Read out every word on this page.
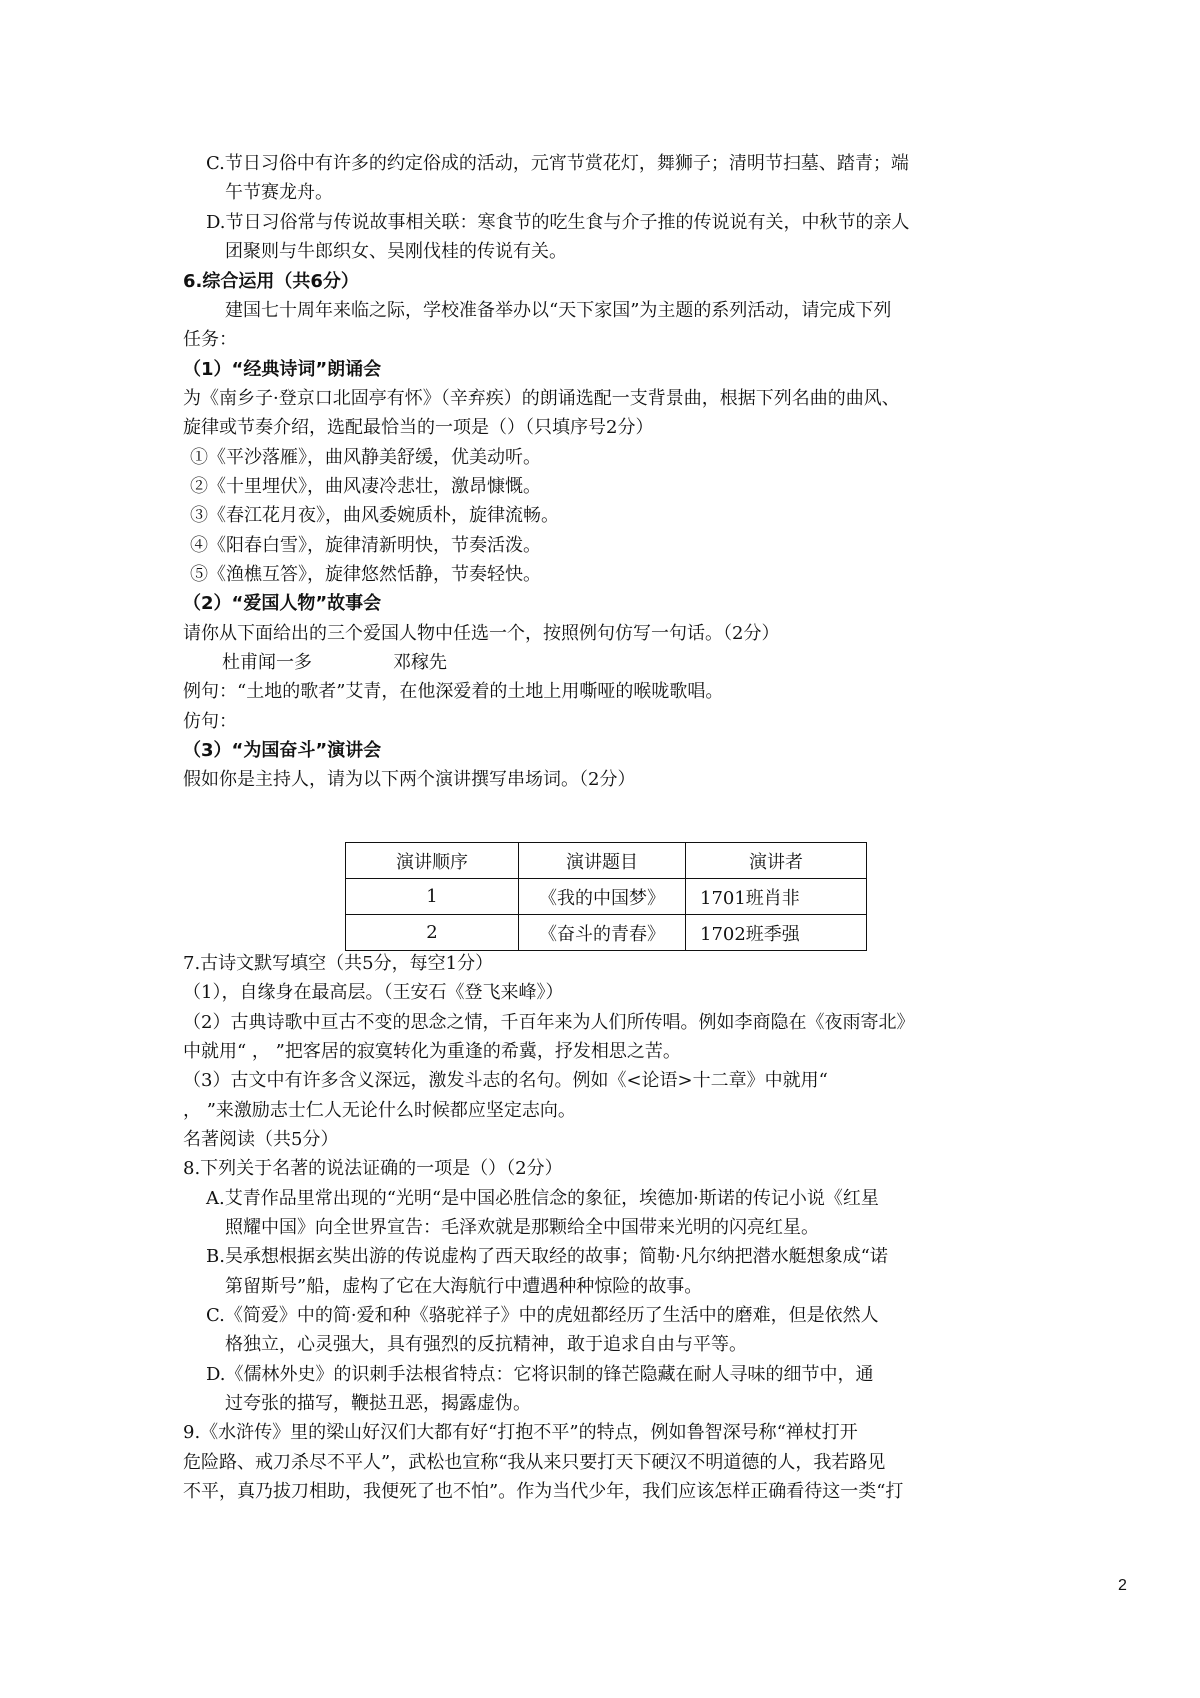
C.节日习俗中有许多的约定俗成的活动，元宵节赏花灯，舞狮子；清明节扫墓、踏青；端
午节赛龙舟。
D.节日习俗常与传说故事相关联：寒食节的吃生食与介子推的传说说有关，中秋节的亲人
团聚则与牛郎织女、吴刚伐桂的传说有关。
6.综合运用（共6分）
建国七十周年来临之际，学校准备举办以“天下家国”为主题的系列活动，请完成下列
任务：
（1）“经典诗词”朗诵会
为《南乡子·登京口北固亭有怀》（辛弃疾）的朗诵选配一支背景曲，根据下列名曲的曲风、
旋律或节奏介绍，选配最恰当的一项是（）（只填序号2分）
①《平沙落雁》，曲风静美舒缓，优美动听。
②《十里埋伏》，曲风凄冷悲壮，激昂慷慨。
③《春江花月夜》，曲风委婉质朴，旋律流畅。
④《阳春白雪》，旋律清新明快，节奏活泼。
⑤《渔樵互答》，旋律悠然恬静，节奏轻快。
（2）“爱国人物”故事会
请你从下面给出的三个爱国人物中任选一个，按照例句仿写一句话。（2分）
杜甫闻一多	邓稼先
例句：“土地的歌者”艾青，在他深爱着的土地上用嘶哑的喉咙歌唱。
仿句：
（3）“为国奋斗”演讲会
假如你是主持人，请为以下两个演讲撰写串场词。（2分）
演讲顺序	演讲题目	演讲者
1	《我的中国梦》	1701班肖非
2	《奋斗的青春》	1702班季强
7.古诗文默写填空（共5分，每空1分）
（1），自缘身在最高层。（王安石《登飞来峰》）
（2）古典诗歌中亘古不变的思念之情，千百年来为人们所传唱。例如李商隐在《夜雨寄北》
中就用“ ， ”把客居的寂寞转化为重逢的希冀，抒发相思之苦。
（3）古文中有许多含义深远，激发斗志的名句。例如《<论语>十二章》中就用“
， ”来激励志士仁人无论什么时候都应坚定志向。
名著阅读（共5分）
8.下列关于名著的说法证确的一项是（）（2分）
A.艾青作品里常出现的“光明“是中国必胜信念的象征，埃德加·斯诺的传记小说《红星
照耀中国》向全世界宣告：毛泽欢就是那颗给全中国带来光明的闪亮红星。
B.吴承想根据玄奘出游的传说虚构了西天取经的故事；简勒·凡尔纳把潜水艇想象成“诺
第留斯号”船，虚构了它在大海航行中遭遇种种惊险的故事。
C.《简爱》中的简·爱和种《骆驼祥子》中的虎妞都经历了生活中的磨难，但是依然人
格独立，心灵强大，具有强烈的反抗精神，敢于追求自由与平等。
D.《儒林外史》的识刺手法根省特点：它将识制的锋芒隐藏在耐人寻味的细节中，通
过夸张的描写，鞭挞丑恶，揭露虚伪。
9.《水浒传》里的梁山好汉们大都有好“打抱不平”的特点，例如鲁智深号称“禅杖打开
危险路、戒刀杀尽不平人”，武松也宣称“我从来只要打天下硬汉不明道德的人，我若路见
不平，真乃拔刀相助，我便死了也不怕”。作为当代少年，我们应该怎样正确看待这一类“打
2
